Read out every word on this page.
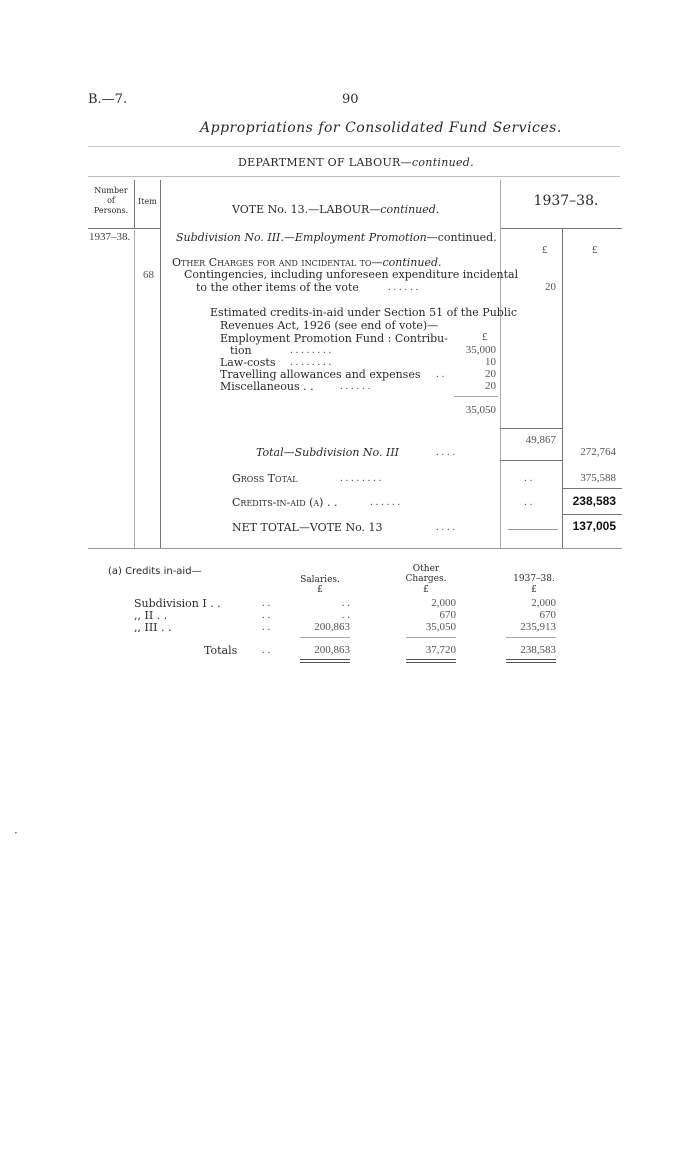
B.—7.	90
Appropriations for Consolidated Fund Services.
DEPARTMENT OF LABOUR—continued.
Number
of
Persons.
Item
VOTE No. 13.—LABOUR—continued.
1937–38.
1937–38.	Subdivision No. III.—Employment Promotion—continued.
£	£
Other Charges for and incidental to—continued.
68	Contingencies, including unforeseen expenditure incidental
to the other items of the vote	. . . . . .	20
Estimated credits-in-aid under Section 51 of the Public
Revenues Act, 1926 (see end of vote)—
£
Employment Promotion Fund : Contribu-
tion	. . . . . . . .	35,000
Law-costs . . . . . . . .	10
Travelling allowances and expenses . .	20
Miscellaneous . . . . . . . .	20
35,050
49,867
Total—Subdivision No. III	. . . .	272,764
Gross Total	. . . . . . . .	. .	375,588
Credits-in-aid (a) . .	. . . . . .	. .	238,583
NET TOTAL—VOTE No. 13	. . . .	137,005
(a) Credits in-aid—
Salaries.
Other
Charges.	1937–38.
£	£	£
Subdivision I . .	. .	. .	2,000	2,000
,, II . .	. .	. .	670	670
,, III . .	. .	200,863	35,050	235,913
Totals . .	200,863	37,720	238,583
·
